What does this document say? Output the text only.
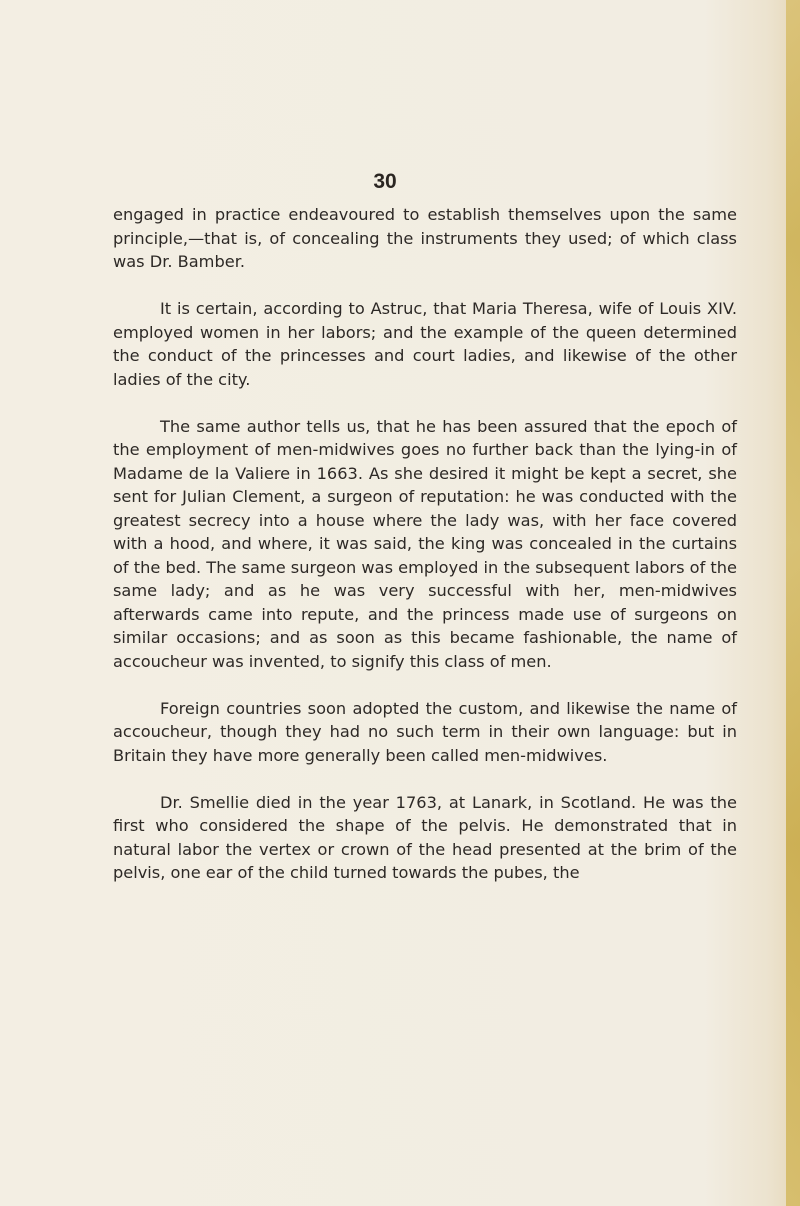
30

engaged in practice endeavoured to establish themselves upon the same principle,—that is, of concealing the instruments they used; of which class was Dr. Bamber.

It is certain, according to Astruc, that Maria Theresa, wife of Louis XIV. employed women in her labors; and the example of the queen determined the conduct of the princesses and court ladies, and likewise of the other ladies of the city.

The same author tells us, that he has been assured that the epoch of the employment of men-midwives goes no further back than the lying-in of Madame de la Valiere in 1663. As she desired it might be kept a secret, she sent for Julian Clement, a surgeon of reputation: he was conducted with the greatest secrecy into a house where the lady was, with her face covered with a hood, and where, it was said, the king was concealed in the curtains of the bed. The same surgeon was employed in the subsequent labors of the same lady; and as he was very successful with her, men-midwives afterwards came into repute, and the princess made use of surgeons on similar occasions; and as soon as this became fashionable, the name of accoucheur was invented, to signify this class of men.

Foreign countries soon adopted the custom, and likewise the name of accoucheur, though they had no such term in their own language: but in Britain they have more generally been called men-midwives.

Dr. Smellie died in the year 1763, at Lanark, in Scotland. He was the first who considered the shape of the pelvis. He demonstrated that in natural labor the vertex or crown of the head presented at the brim of the pelvis, one ear of the child turned towards the pubes, the
